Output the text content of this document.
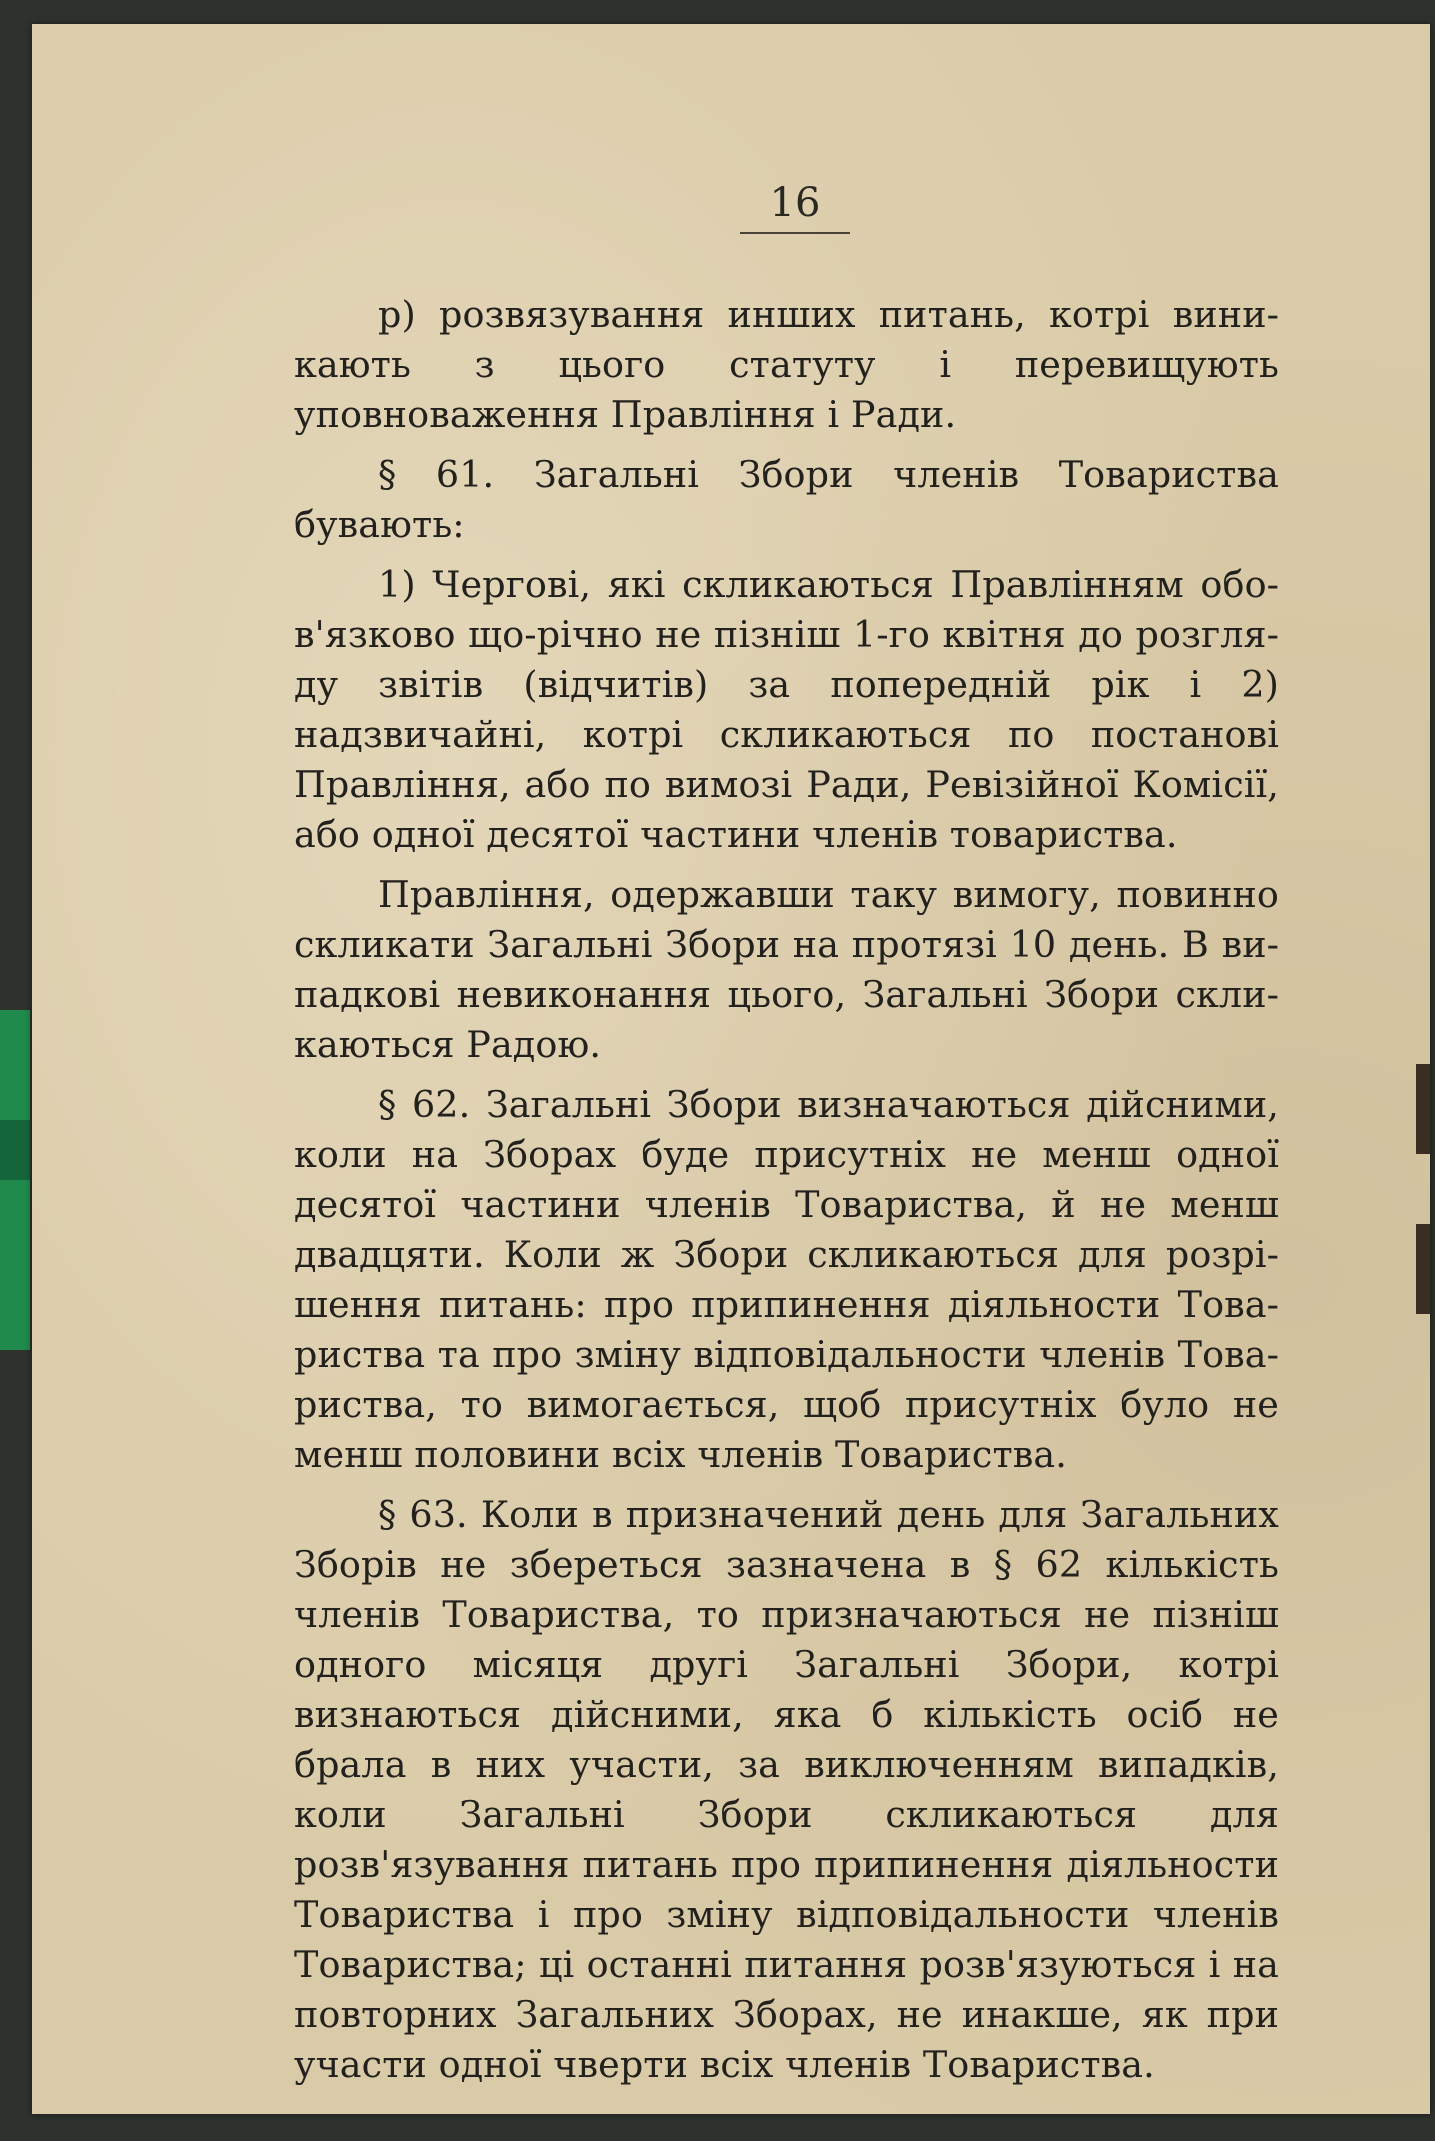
16

р) розвязування инших питань, котрі виникають з цього статуту і перевищують уповноваження Правління і Ради.

§ 61. Загальні Збори членів Товариства бувають:

1) Чергові, які скликаються Правлінням обов'язково що-річно не пізніш 1-го квітня до розгляду звітів (відчитів) за попередній рік і 2) надзвичайні, котрі скликаються по постанові Правління, або по вимозі Ради, Ревізійної Комісії, або одної десятої частини членів товариства.

Правління, одержавши таку вимогу, повинно скликати Загальні Збори на протязі 10 день. В випадкові невиконання цього, Загальні Збори скликаються Радою.

§ 62. Загальні Збори визначаються дійсними, коли на Зборах буде присутніх не менш одної десятої частини членів Товариства, й не менш двадцяти. Коли ж Збори скликаються для розрішення питань: про припинення діяльности Товариства та про зміну відповідальности членів Товариства, то вимогається, щоб присутніх було не менш половини всіх членів Товариства.

§ 63. Коли в призначений день для Загальних Зборів не збереться зазначена в § 62 кількість членів Товариства, то призначаються не пізніш одного місяця другі Загальні Збори, котрі визнаються дійсними, яка б кількість осіб не брала в них участи, за виключенням випадків, коли Загальні Збори скликаються для розв'язування питань про припинення діяльности Товариства і про зміну відповідальности членів Товариства; ці останні питання розв'язуються і на повторних Загальних Зборах, не инакше, як при участи одної чверти всіх членів Товариства.
